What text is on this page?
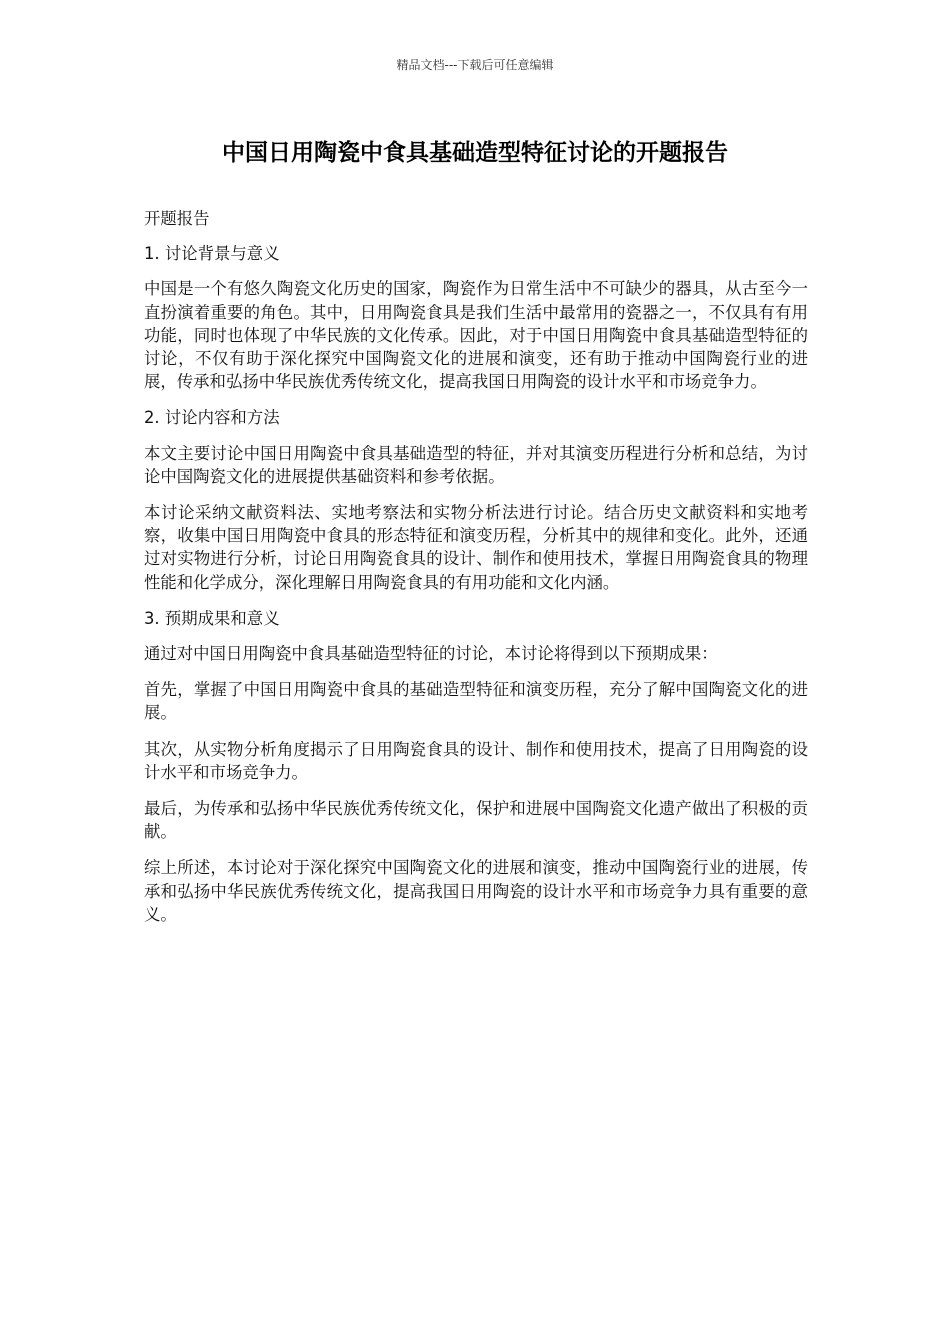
精品文档---下载后可任意编辑
中国日用陶瓷中食具基础造型特征讨论的开题报告

开题报告

1. 讨论背景与意义

中国是一个有悠久陶瓷文化历史的国家，陶瓷作为日常生活中不可缺少的器具，从古至今一直扮演着重要的角色。其中，日用陶瓷食具是我们生活中最常用的瓷器之一，不仅具有有用功能，同时也体现了中华民族的文化传承。因此，对于中国日用陶瓷中食具基础造型特征的讨论，不仅有助于深化探究中国陶瓷文化的进展和演变，还有助于推动中国陶瓷行业的进展，传承和弘扬中华民族优秀传统文化，提高我国日用陶瓷的设计水平和市场竞争力。

2. 讨论内容和方法

本文主要讨论中国日用陶瓷中食具基础造型的特征，并对其演变历程进行分析和总结，为讨论中国陶瓷文化的进展提供基础资料和参考依据。

本讨论采纳文献资料法、实地考察法和实物分析法进行讨论。结合历史文献资料和实地考察，收集中国日用陶瓷中食具的形态特征和演变历程，分析其中的规律和变化。此外，还通过对实物进行分析，讨论日用陶瓷食具的设计、制作和使用技术，掌握日用陶瓷食具的物理性能和化学成分，深化理解日用陶瓷食具的有用功能和文化内涵。

3. 预期成果和意义

通过对中国日用陶瓷中食具基础造型特征的讨论，本讨论将得到以下预期成果：

首先，掌握了中国日用陶瓷中食具的基础造型特征和演变历程，充分了解中国陶瓷文化的进展。

其次，从实物分析角度揭示了日用陶瓷食具的设计、制作和使用技术，提高了日用陶瓷的设计水平和市场竞争力。

最后，为传承和弘扬中华民族优秀传统文化，保护和进展中国陶瓷文化遗产做出了积极的贡献。

综上所述，本讨论对于深化探究中国陶瓷文化的进展和演变，推动中国陶瓷行业的进展，传承和弘扬中华民族优秀传统文化，提高我国日用陶瓷的设计水平和市场竞争力具有重要的意义。
